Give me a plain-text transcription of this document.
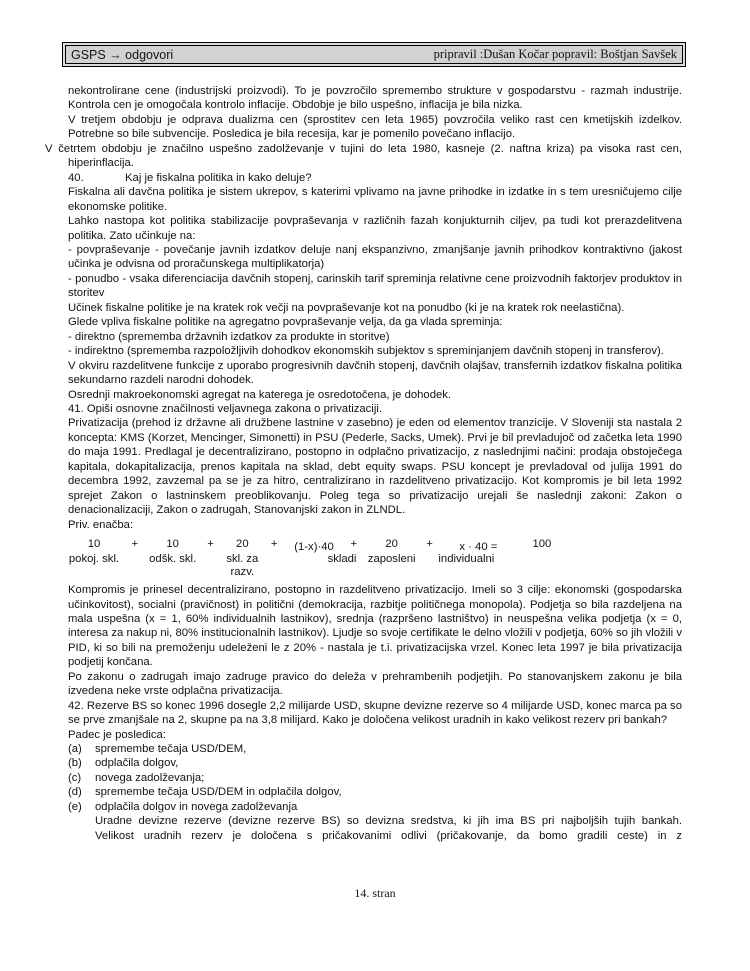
GSPS → odgovori	pripravil :Dušan Kočar popravil: Boštjan Savšek

nekontrolirane cene (industrijski proizvodi). To je povzročilo spremembo strukture v gospodarstvu - razmah industrije. Kontrola cen je omogočala kontrolo inflacije. Obdobje je bilo uspešno, inflacija je bila nizka.

V tretjem obdobju je odprava dualizma cen (sprostitev cen leta 1965) povzročila veliko rast cen kmetijskih izdelkov. Potrebne so bile subvencije. Posledica je bila recesija, kar je pomenilo povečano inflacijo.

V četrtem obdobju je značilno uspešno zadolževanje v tujini do leta 1980, kasneje (2. naftna kriza) pa visoka rast cen, hiperinflacija.

40.	Kaj je fiskalna politika in kako deluje?

Fiskalna ali davčna politika je sistem ukrepov, s katerimi vplivamo na javne prihodke in izdatke in s tem uresničujemo cilje ekonomske politike.

Lahko nastopa kot politika stabilizacije povpraševanja v različnih fazah konjukturnih ciljev, pa tudi kot prerazdelitvena politika. Zato učinkuje na:

- povpraševanje - povečanje javnih izdatkov deluje nanj ekspanzivno, zmanjšanje javnih prihodkov kontraktivno (jakost učinka je odvisna od proračunskega multiplikatorja)

- ponudbo - vsaka diferenciacija davčnih stopenj, carinskih tarif spreminja relativne cene proizvodnih faktorjev produktov in storitev

Učinek fiskalne politike je na kratek rok večji na povpraševanje kot na ponudbo (ki je na kratek rok neelastična).

Glede vpliva fiskalne politike na agregatno povpraševanje velja, da ga vlada spreminja:

- direktno (sprememba državnih izdatkov za produkte in storitve)

- indirektno (sprememba razpoložljivih dohodkov ekonomskih subjektov s spreminjanjem davčnih stopenj in transferov).

V okviru razdelitvene funkcije z uporabo progresivnih davčnih stopenj, davčnih olajšav, transfernih izdatkov fiskalna politika sekundarno razdeli narodni dohodek.

Osrednji makroekonomski agregat na katerega je osredotočena, je dohodek.

41. Opiši osnovne značilnosti veljavnega zakona o privatizaciji.

Privatizacija (prehod iz državne ali družbene lastnine v zasebno) je eden od elementov tranzicije. V Sloveniji sta nastala 2 koncepta: KMS (Korzet, Mencinger, Simonetti) in PSU (Pederle, Sacks, Umek). Prvi je bil prevladujoč od začetka leta 1990 do maja 1991. Predlagal je decentralizirano, postopno in odplačno privatizacijo, z naslednjimi načini: prodaja obstoječega kapitala, dokapitalizacija, prenos kapitala na sklad, debt equity swaps. PSU koncept je prevladoval od julija 1991 do decembra 1992, zavzemal pa se je za hitro, centralizirano in razdelitveno privatizacijo. Kot kompromis je bil leta 1992 sprejet Zakon o lastninskem preoblikovanju. Poleg tega so privatizacijo urejali še naslednji zakoni: Zakon o denacionalizaciji, Zakon o zadrugah, Stanovanjski zakon in ZLNDL.

Priv. enačba:

10
pokoj. skl.
+ 10
odšk. skl.
+ 20
skl. za razv.
+ (1-x)·40
skladi
+ 20
zaposleni
+ x · 40 =
individualni
100

Kompromis je prinesel decentralizirano, postopno in razdelitveno privatizacijo. Imeli so 3 cilje: ekonomski (gospodarska učinkovitost), socialni (pravičnost) in politični (demokracija, razbitje političnega monopola). Podjetja so bila razdeljena na mala uspešna (x = 1, 60% individualnih lastnikov), srednja (razpršeno lastništvo) in neuspešna velika podjetja (x = 0, interesa za nakup ni, 80% institucionalnih lastnikov). Ljudje so svoje certifikate le delno vložili v podjetja, 60% so jih vložili v PID, ki so bili na premoženju udeleženi le z 20% - nastala je t.i. privatizacijska vrzel. Konec leta 1997 je bila privatizacija podjetij končana.

Po zakonu o zadrugah imajo zadruge pravico do deleža v prehrambenih podjetjih. Po stanovanjskem zakonu je bila izvedena neke vrste odplačna privatizacija.

42. Rezerve BS so konec 1996 dosegle 2,2 milijarde USD, skupne devizne rezerve so 4 milijarde USD, konec marca pa so se prve zmanjšale na 2, skupne pa na 3,8 milijard. Kako je določena velikost uradnih in kako velikost rezerv pri bankah?

Padec je posledica:

(a) spremembe tečaja USD/DEM,

(b) odplačila dolgov,

(c) novega zadolževanja;

(d) spremembe tečaja USD/DEM in odplačila dolgov,

(e) odplačila dolgov in novega zadolževanja

Uradne devizne rezerve (devizne rezerve BS) so devizna sredstva, ki jih ima BS pri najboljših tujih bankah.

Velikost uradnih rezerv je določena s pričakovanimi odlivi (pričakovanje, da bomo gradili ceste) in z

14. stran
